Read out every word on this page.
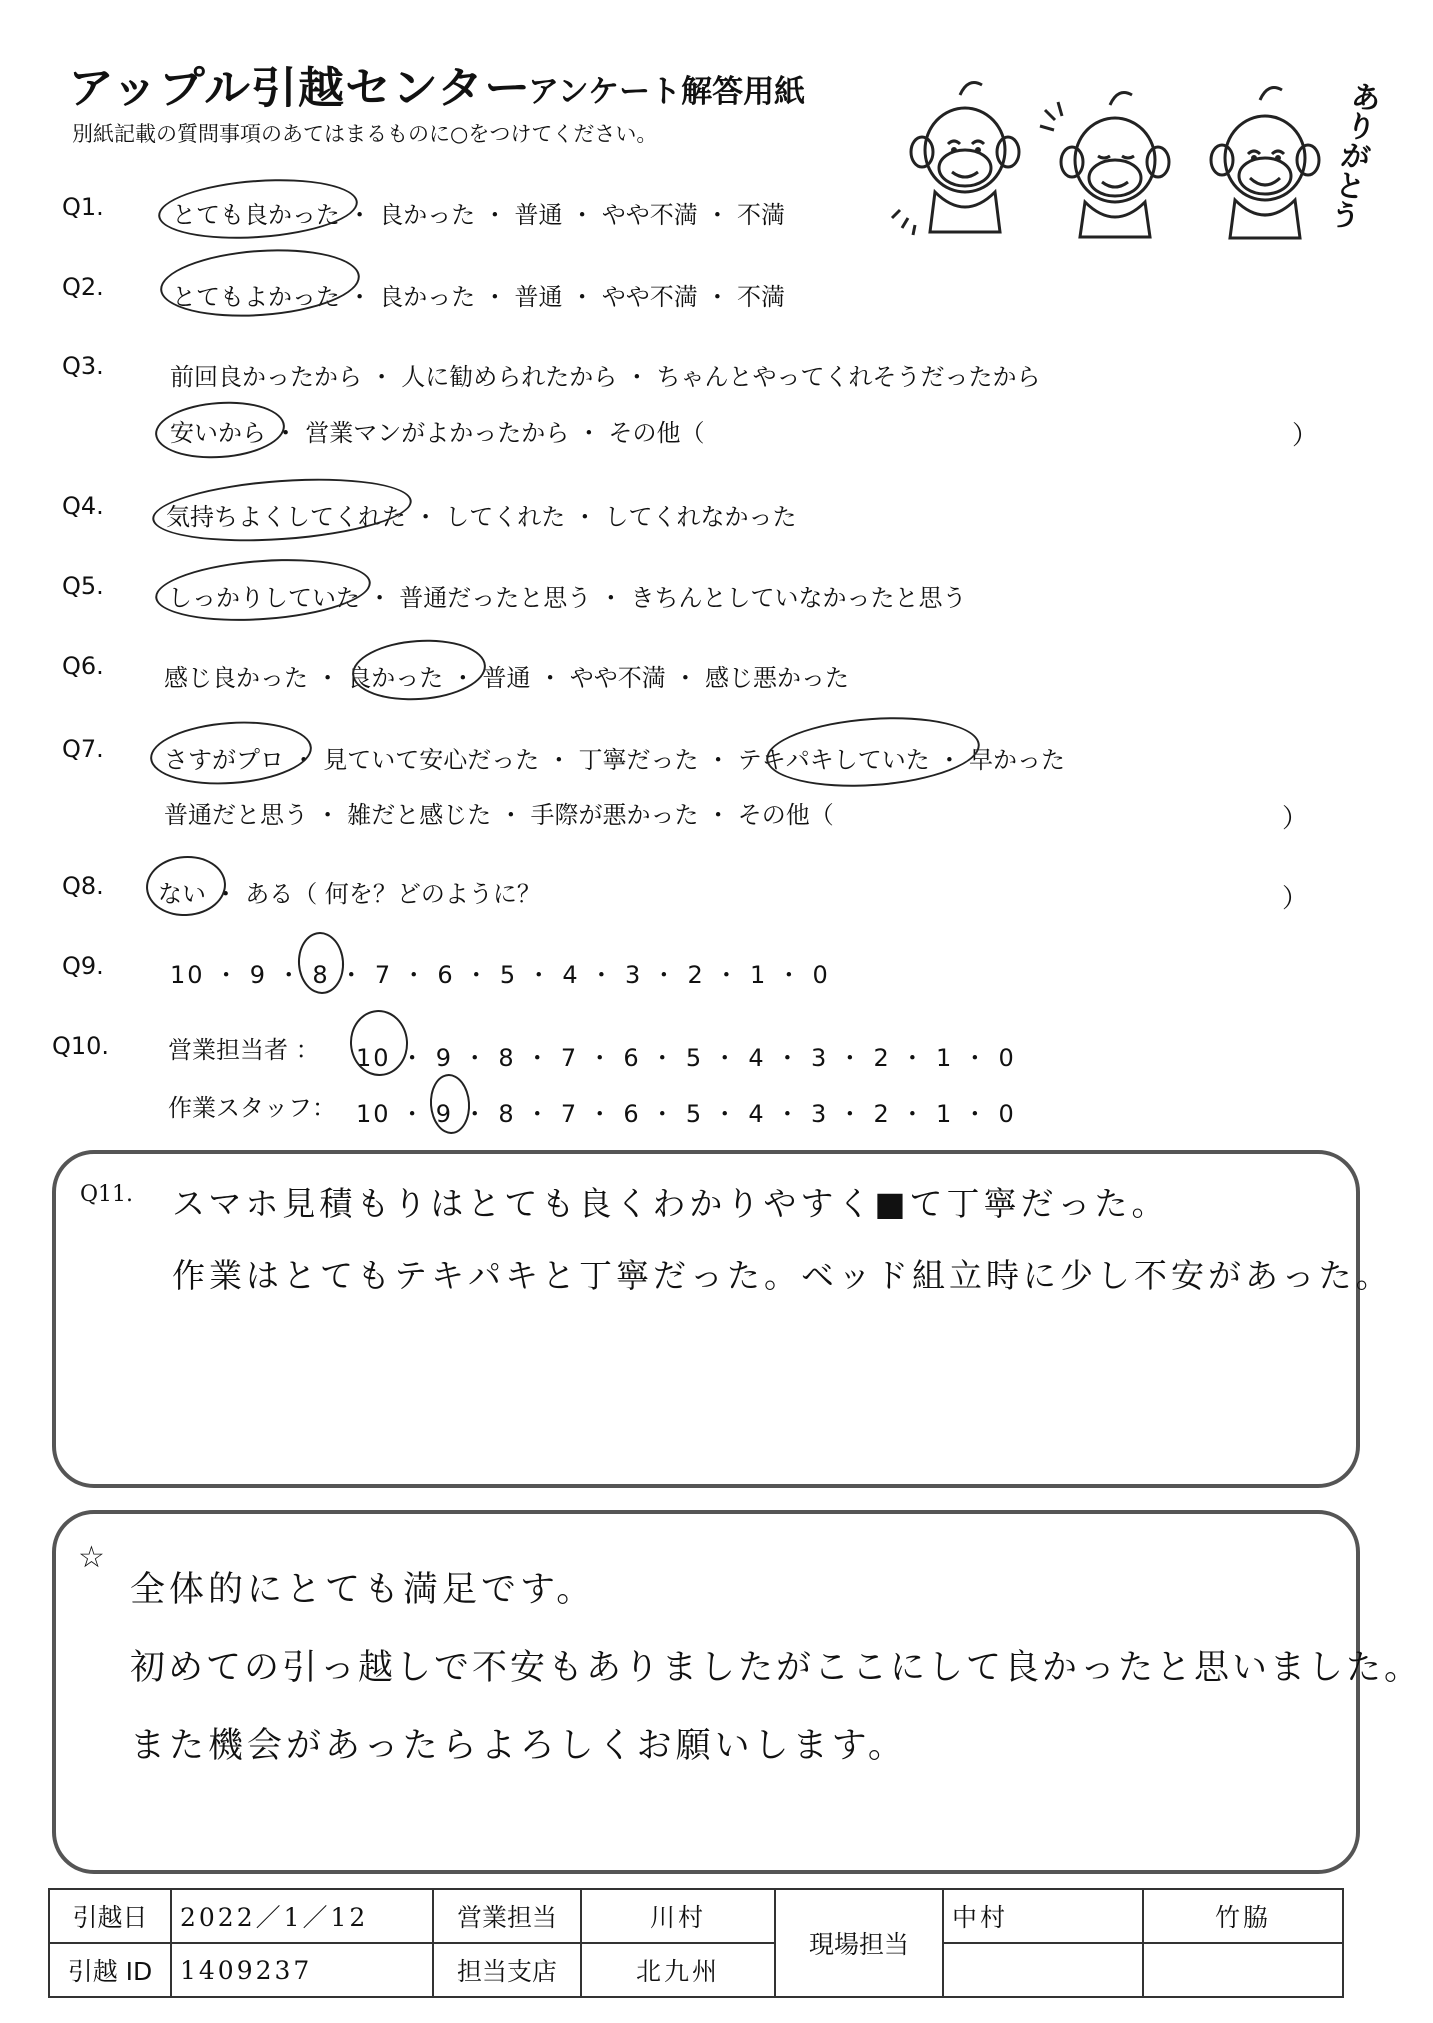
アップル引越センター
アンケート解答用紙
別紙記載の質問事項のあてはまるものに○をつけてください。	ありがとう
Q1.	とても良かった ・ 良かった ・ 普通 ・ やや不満 ・ 不満
Q2.	とてもよかった ・ 良かった ・ 普通 ・ やや不満 ・ 不満
Q3.	前回良かったから ・ 人に勧められたから ・ ちゃんとやってくれそうだったから
安いから ・ 営業マンがよかったから ・ その他（	）
Q4.	気持ちよくしてくれた ・ してくれた ・ してくれなかった
Q5.	しっかりしていた ・ 普通だったと思う ・ きちんとしていなかったと思う
Q6.	感じ良かった ・ 良かった ・ 普通 ・ やや不満 ・ 感じ悪かった
Q7.	さすがプロ ・ 見ていて安心だった ・ 丁寧だった ・ テキパキしていた ・ 早かった
普通だと思う ・ 雑だと感じた ・ 手際が悪かった ・ その他（	）
Q8. ない ・ ある（ 何を？どのように？	）
Q9.	10 ・ 9 ・ 8 ・ 7 ・ 6 ・ 5 ・ 4 ・ 3 ・ 2 ・ 1 ・ 0
Q10. 営業担当者 ： 10 ・ 9 ・ 8 ・ 7 ・ 6 ・ 5 ・ 4 ・ 3 ・ 2 ・ 1 ・ 0
作業スタッフ： 10 ・ 9 ・ 8 ・ 7 ・ 6 ・ 5 ・ 4 ・ 3 ・ 2 ・ 1 ・ 0
Q11. スマホ見積もりはとても良くわかりやすく■て丁寧だった。
作業はとてもテキパキと丁寧だった。ベッド組立時に少し不安があった。
☆
全体的にとても満足です。
初めての引っ越しで不安もありましたがここにして良かったと思いました。
また機会があったらよろしくお願いします。
引越日	2022／1／12	営業担当	川村	現場担当	中村	竹脇
引越 ID	1409237	担当支店	北九州			
